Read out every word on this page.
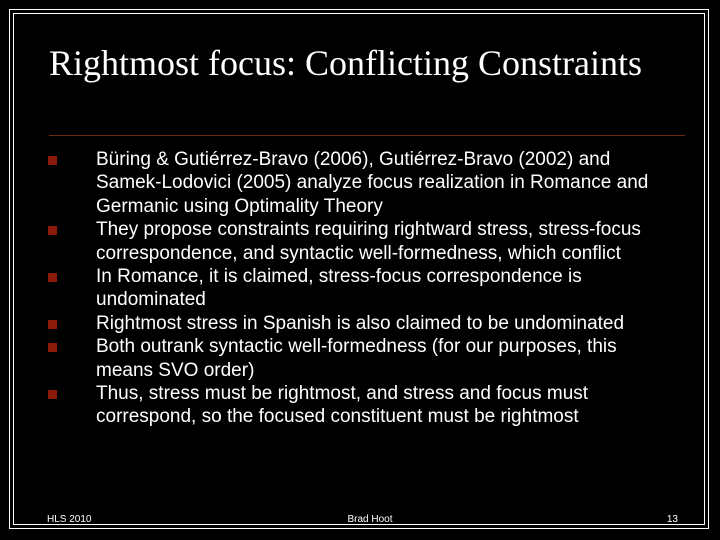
Rightmost focus: Conflicting Constraints
Büring & Gutiérrez-Bravo (2006), Gutiérrez-Bravo (2002) and Samek-Lodovici (2005) analyze focus realization in Romance and Germanic using Optimality Theory
They propose constraints requiring rightward stress, stress-focus correspondence, and syntactic well-formedness, which conflict
In Romance, it is claimed, stress-focus correspondence is undominated
Rightmost stress in Spanish is also claimed to be undominated
Both outrank syntactic well-formedness (for our purposes, this means SVO order)
Thus, stress must be rightmost, and stress and focus must correspond, so the focused constituent must be rightmost
HLS 2010	Brad Hoot	13
